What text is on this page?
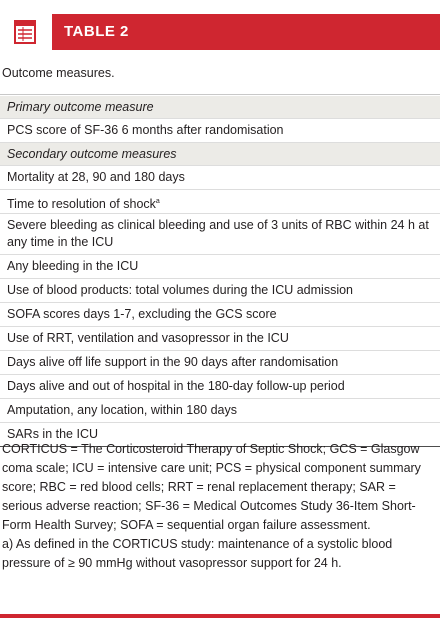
TABLE 2
Outcome measures.
Primary outcome measure
PCS score of SF-36 6 months after randomisation
Secondary outcome measures
Mortality at 28, 90 and 180 days
Time to resolution of shock$^a$
Severe bleeding as clinical bleeding and use of 3 units of RBC within 24 h at any time in the ICU
Any bleeding in the ICU
Use of blood products: total volumes during the ICU admission
SOFA scores days 1-7, excluding the GCS score
Use of RRT, ventilation and vasopressor in the ICU
Days alive off life support in the 90 days after randomisation
Days alive and out of hospital in the 180-day follow-up period
Amputation, any location, within 180 days
SARs in the ICU
CORTICUS = The Corticosteroid Therapy of Septic Shock; GCS = Glasgow coma scale; ICU = intensive care unit; PCS = physical component summary score; RBC = red blood cells; RRT = renal replacement therapy; SAR = serious adverse reaction; SF-36 = Medical Outcomes Study 36-Item Short-Form Health Survey; SOFA = sequential organ failure assessment.
a) As defined in the CORTICUS study: maintenance of a systolic blood pressure of ≥ 90 mmHg without vasopressor support for 24 h.
